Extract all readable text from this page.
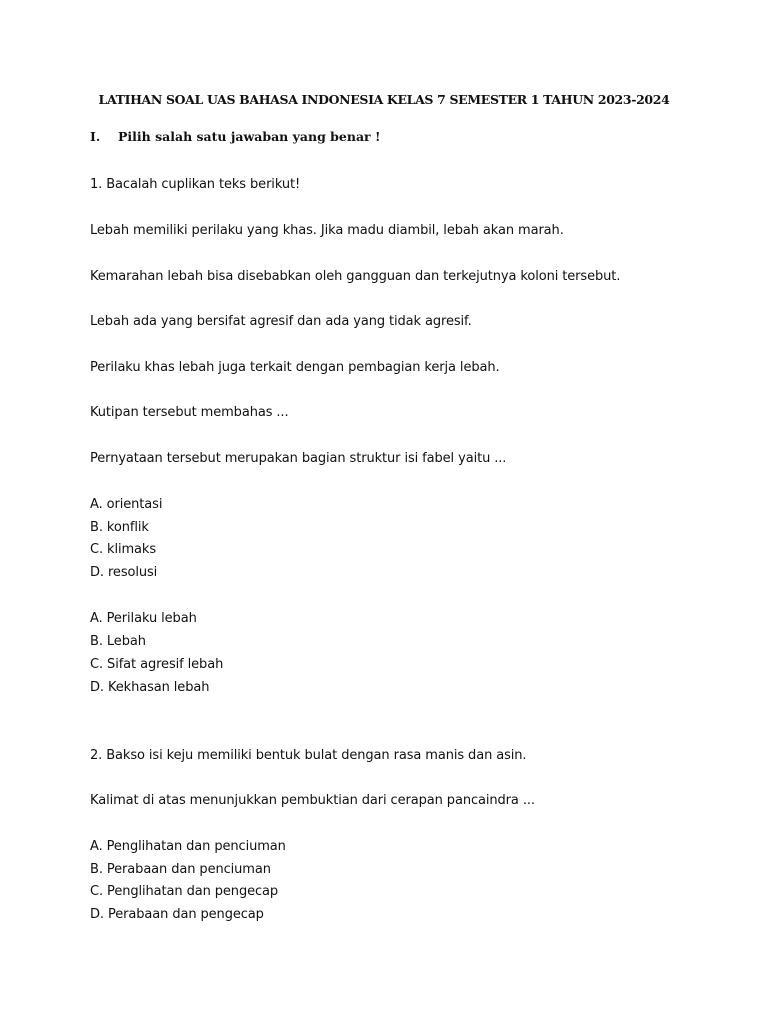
LATIHAN SOAL UAS BAHASA INDONESIA KELAS 7 SEMESTER 1 TAHUN 2023-2024
I. Pilih salah satu jawaban yang benar !
1. Bacalah cuplikan teks berikut!
Lebah memiliki perilaku yang khas. Jika madu diambil, lebah akan marah.
Kemarahan lebah bisa disebabkan oleh gangguan dan terkejutnya koloni tersebut.
Lebah ada yang bersifat agresif dan ada yang tidak agresif.
Perilaku khas lebah juga terkait dengan pembagian kerja lebah.
Kutipan tersebut membahas ...
Pernyataan tersebut merupakan bagian struktur isi fabel yaitu ...
A. orientasi
B. konflik
C. klimaks
D. resolusi
A. Perilaku lebah
B. Lebah
C. Sifat agresif lebah
D. Kekhasan lebah
2. Bakso isi keju memiliki bentuk bulat dengan rasa manis dan asin.
Kalimat di atas menunjukkan pembuktian dari cerapan pancaindra ...
A. Penglihatan dan penciuman
B. Perabaan dan penciuman
C. Penglihatan dan pengecap
D. Perabaan dan pengecap
